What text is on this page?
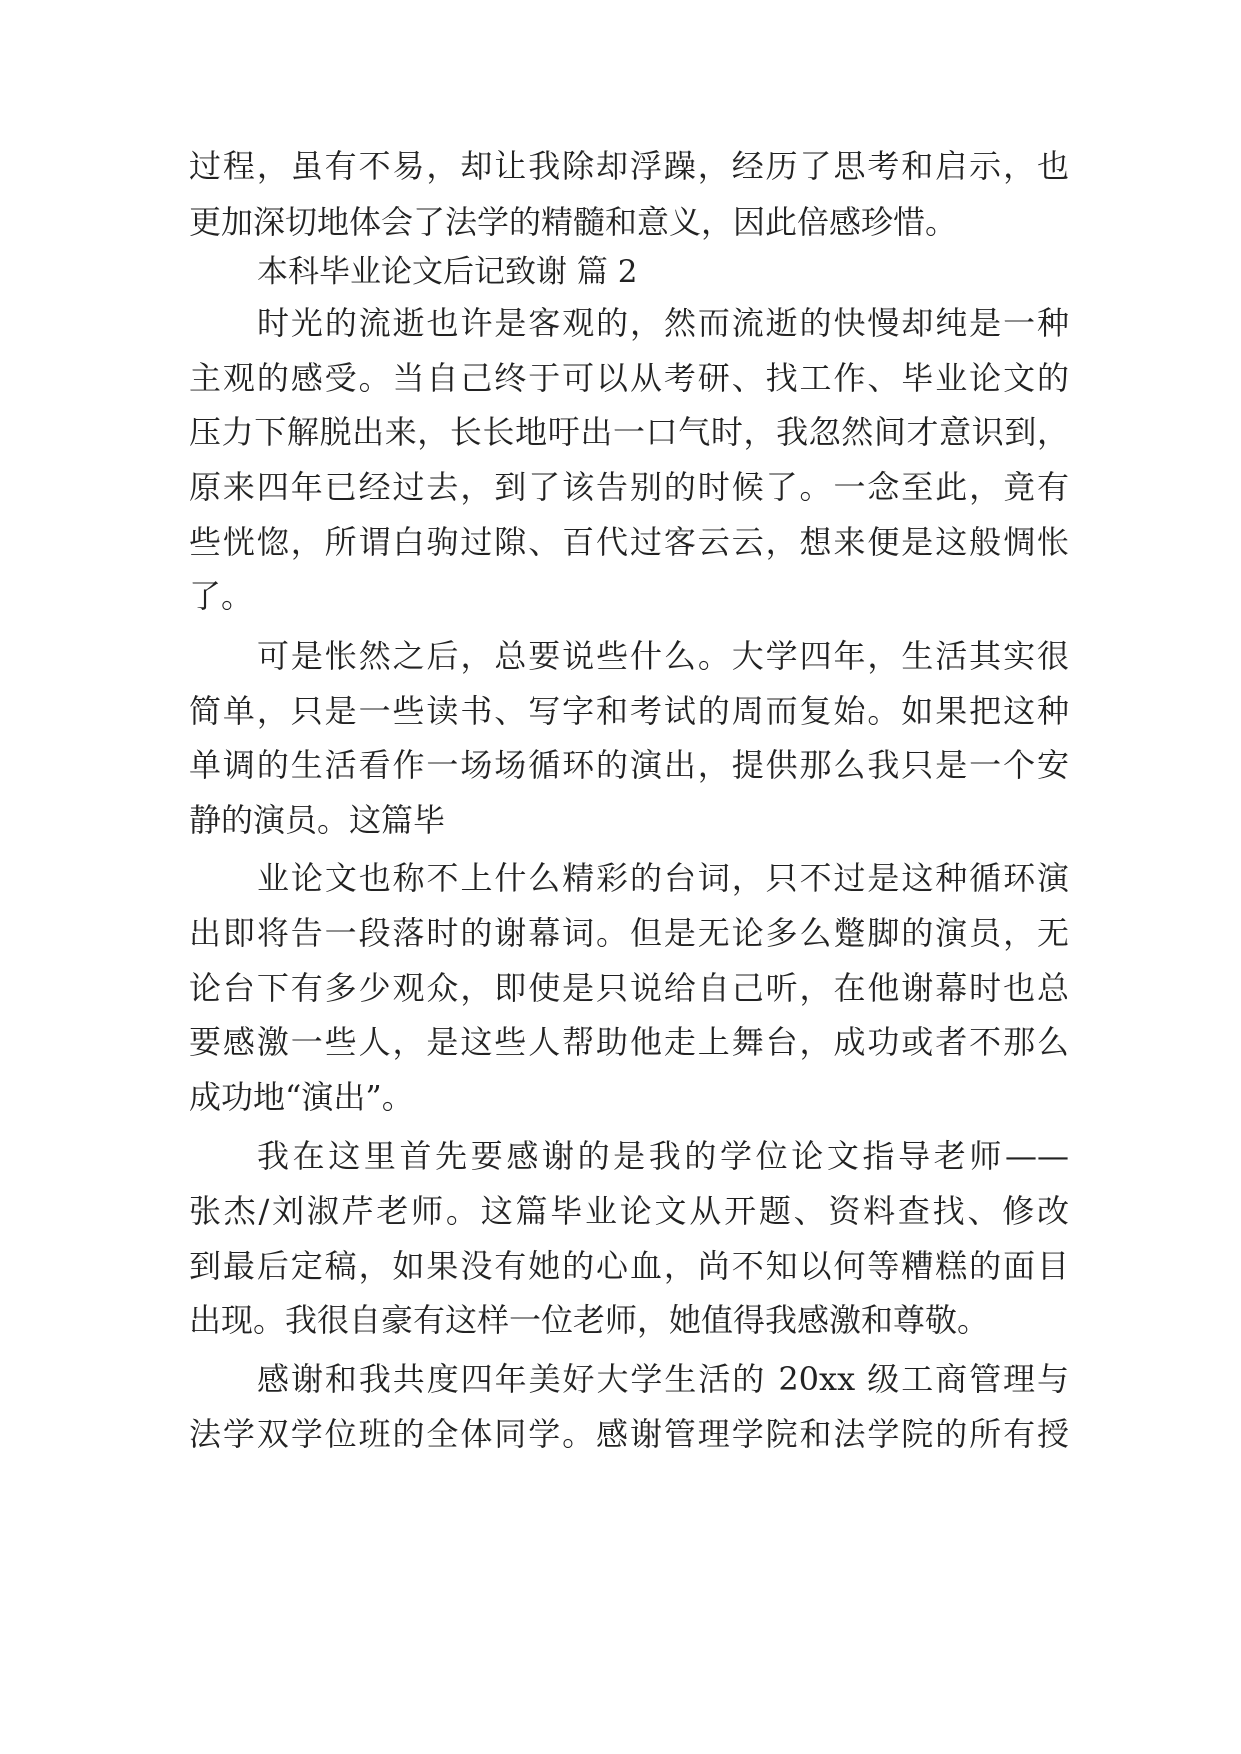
过程，虽有不易，却让我除却浮躁，经历了思考和启示，也
更加深切地体会了法学的精髓和意义，因此倍感珍惜。
本科毕业论文后记致谢 篇 2
时光的流逝也许是客观的，然而流逝的快慢却纯是一种
主观的感受。当自己终于可以从考研、找工作、毕业论文的
压力下解脱出来，长长地吁出一口气时，我忽然间才意识到，
原来四年已经过去，到了该告别的时候了。一念至此，竟有
些恍惚，所谓白驹过隙、百代过客云云，想来便是这般惆怅
了。
可是怅然之后，总要说些什么。大学四年，生活其实很
简单，只是一些读书、写字和考试的周而复始。如果把这种
单调的生活看作一场场循环的演出，提供那么我只是一个安
静的演员。这篇毕
业论文也称不上什么精彩的台词，只不过是这种循环演
出即将告一段落时的谢幕词。但是无论多么蹩脚的演员，无
论台下有多少观众，即使是只说给自己听，在他谢幕时也总
要感激一些人，是这些人帮助他走上舞台，成功或者不那么
成功地“演出”。
我在这里首先要感谢的是我的学位论文指导老师——
张杰/刘淑芹老师。这篇毕业论文从开题、资料查找、修改
到最后定稿，如果没有她的心血，尚不知以何等糟糕的面目
出现。我很自豪有这样一位老师，她值得我感激和尊敬。
感谢和我共度四年美好大学生活的 20xx 级工商管理与
法学双学位班的全体同学。感谢管理学院和法学院的所有授
